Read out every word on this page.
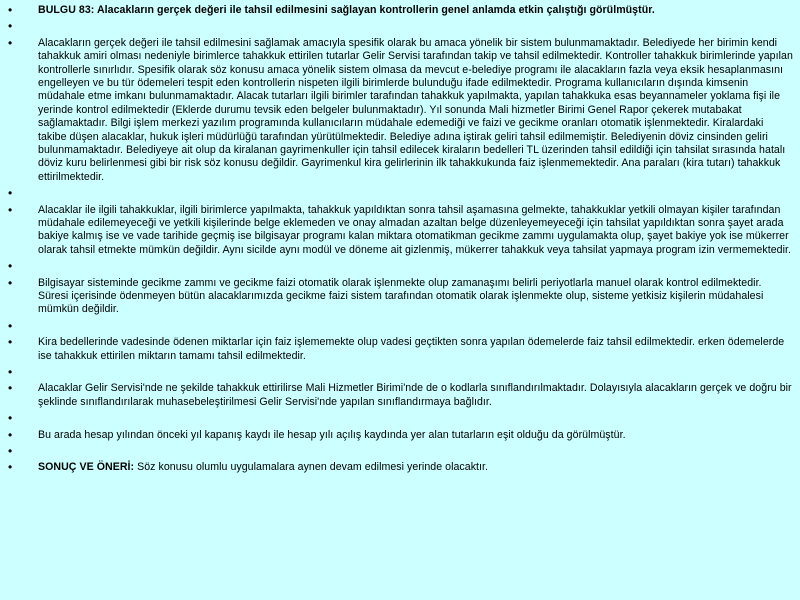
• BULGU 83: Alacakların gerçek değeri ile tahsil edilmesini sağlayan kontrollerin genel anlamda etkin çalıştığı görülmüştür.
•
• Alacakların gerçek değeri ile tahsil edilmesini sağlamak amacıyla spesifik olarak bu amaca yönelik bir sistem bulunmamaktadır. Belediyede her birimin kendi tahakkuk amiri olması nedeniyle birimlerce tahakkuk ettirilen tutarlar Gelir Servisi tarafından takip ve tahsil edilmektedir. Kontroller tahakkuk birimlerinde yapılan kontrollerle sınırlıdır. Spesifik olarak söz konusu amaca yönelik sistem olmasa da mevcut e-belediye programı ile alacakların fazla veya eksik hesaplanmasını engelleyen ve bu tür ödemeleri tespit eden kontrollerin nispeten ilgili birimlerde bulunduğu ifade edilmektedir. Programa kullanıcıların dışında kimsenin müdahale etme imkanı bulunmamaktadır. Alacak tutarları ilgili birimler tarafından tahakkuk yapılmakta, yapılan tahakkuka esas beyannameler yoklama fişi ile yerinde kontrol edilmektedir (Eklerde durumu tevsik eden belgeler bulunmaktadır). Yıl sonunda Mali hizmetler Birimi Genel Rapor çekerek mutabakat sağlamaktadır. Bilgi işlem merkezi yazılım programında kullanıcıların müdahale edemediği ve faizi ve gecikme oranları otomatik işlenmektedir. Kiralardaki takibe düşen alacaklar, hukuk işleri müdürlüğü tarafından yürütülmektedir. Belediye adına iştirak geliri tahsil edilmemiştir. Belediyenin döviz cinsinden geliri bulunmamaktadır. Belediyeye ait olup da kiralanan gayrimenkuller için tahsil edilecek kiraların bedelleri TL üzerinden tahsil edildiği için tahsilat sırasında hatalı döviz kuru belirlenmesi gibi bir risk söz konusu değildir. Gayrimenkul kira gelirlerinin ilk tahakkukunda faiz işlenmemektedir. Ana paraları (kira tutarı) tahakkuk ettirilmektedir.
•
• Alacaklar ile ilgili tahakkuklar, ilgili birimlerce yapılmakta, tahakkuk yapıldıktan sonra tahsil aşamasına gelmekte, tahakkuklar yetkili olmayan kişiler tarafından müdahale edilemeyeceği ve yetkili kişilerinde belge eklemeden ve onay almadan azaltan belge düzenleyemeyeceği için tahsilat yapıldıktan sonra şayet arada bakiye kalmış ise ve vade tarihide geçmiş ise bilgisayar programı kalan miktara otomatikman gecikme zammı uygulamakta olup, şayet bakiye yok ise mükerrer olarak tahsil etmekte mümkün değildir. Aynı sicilde aynı modül ve döneme ait gizlenmiş, mükerrer tahakkuk veya tahsilat yapmaya program izin vermemektedir.
•
• Bilgisayar sisteminde gecikme zammı ve gecikme faizi otomatik olarak işlenmekte olup zamanaşımı belirli periyotlarla manuel olarak kontrol edilmektedir. Süresi içerisinde ödenmeyen bütün alacaklarımızda gecikme faizi sistem tarafından otomatik olarak işlenmekte olup, sisteme yetkisiz kişilerin müdahalesi mümkün değildir.
•
• Kira bedellerinde vadesinde ödenen miktarlar için faiz işlememekte olup vadesi geçtikten sonra yapılan ödemelerde faiz tahsil edilmektedir. erken ödemelerde ise tahakkuk ettirilen miktarın tamamı tahsil edilmektedir.
•
• Alacaklar Gelir Servisi'nde ne şekilde tahakkuk ettirilirse Mali Hizmetler Birimi'nde de o kodlarla sınıflandırılmaktadır. Dolayısıyla alacakların gerçek ve doğru bir şeklinde sınıflandırılarak muhasebeleştirilmesi Gelir Servisi'nde yapılan sınıflandırmaya bağlıdır.
•
• Bu arada hesap yılından önceki yıl kapanış kaydı ile hesap yılı açılış kaydında yer alan tutarların eşit olduğu da görülmüştür.
•
• SONUÇ VE ÖNERİ: Söz konusu olumlu uygulamalara aynen devam edilmesi yerinde olacaktır.
